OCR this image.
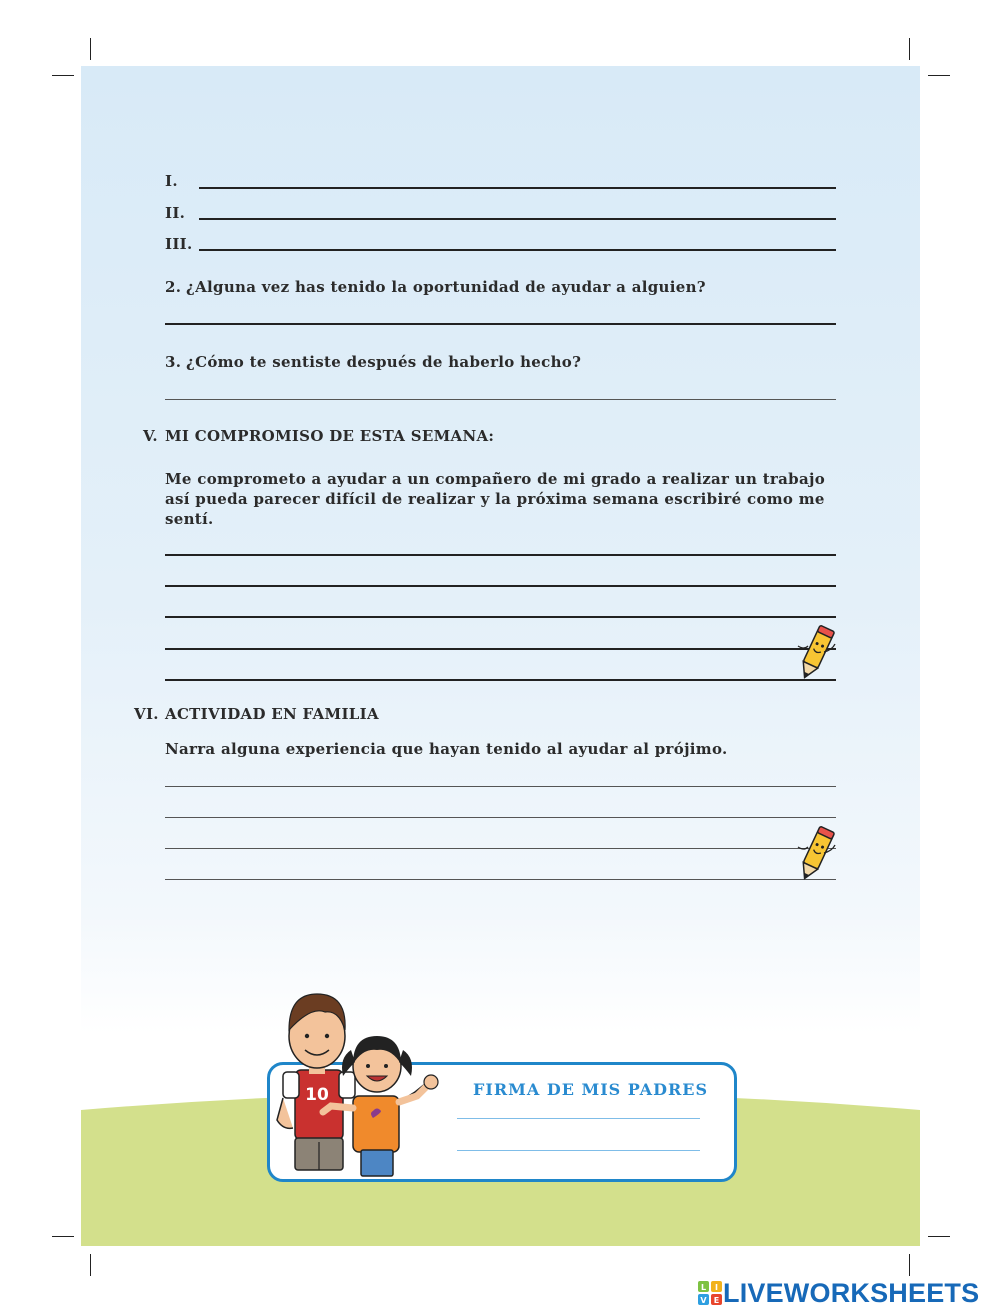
I.
II.
III.
2. ¿Alguna vez has tenido la oportunidad de ayudar a alguien?
3. ¿Cómo te sentiste después de haberlo hecho?
V. MI COMPROMISO DE ESTA SEMANA:
Me comprometo a ayudar a un compañero de mi grado a realizar un trabajo así pueda parecer difícil de realizar y la próxima semana escribiré como me sentí.
VI. ACTIVIDAD EN FAMILIA
Narra alguna experiencia que hayan tenido al ayudar al prójimo.
10	FIRMA DE MIS PADRES
L I
V E LIVEWORKSHEETS
